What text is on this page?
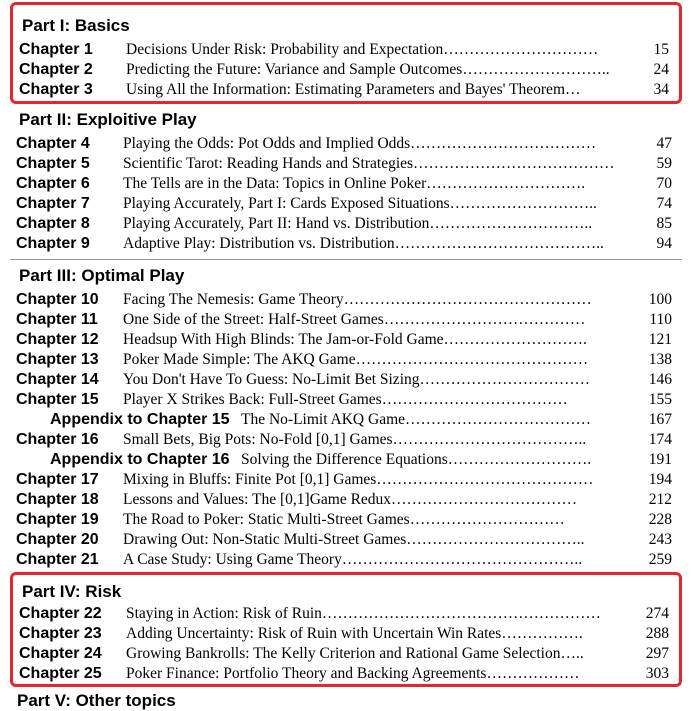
Part I: Basics
Chapter 1 Decisions Under Risk: Probability and Expectation…………………………	15
Chapter 2 Predicting the Future: Variance and Sample Outcomes………………………..	24
Chapter 3 Using All the Information: Estimating Parameters and Bayes' Theorem…	34
Part II: Exploitive Play
Chapter 4 Playing the Odds: Pot Odds and Implied Odds………………………………	47
Chapter 5 Scientific Tarot: Reading Hands and Strategies…………………………………	59
Chapter 6 The Tells are in the Data: Topics in Online Poker………………………….	70
Chapter 7 Playing Accurately, Part I: Cards Exposed Situations………………………..	74
Chapter 8 Playing Accurately, Part II: Hand vs. Distribution…………………………..	85
Chapter 9 Adaptive Play: Distribution vs. Distribution…………………………………..	94
Part III: Optimal Play
Chapter 10 Facing The Nemesis: Game Theory…………………………………………	100
Chapter 11 One Side of the Street: Half-Street Games…………………………………	110
Chapter 12 Headsup With High Blinds: The Jam-or-Fold Game……………………….	121
Chapter 13 Poker Made Simple: The AKQ Game………………………………………	138
Chapter 14 You Don't Have To Guess: No-Limit Bet Sizing……………………………	146
Chapter 15 Player X Strikes Back: Full-Street Games………………………………	155
Appendix to Chapter 15 The No-Limit AKQ Game………………………………	167
Chapter 16 Small Bets, Big Pots: No-Fold [0,1] Games………………………………..	174
Appendix to Chapter 16 Solving the Difference Equations……………………….	191
Chapter 17 Mixing in Bluffs: Finite Pot [0,1] Games……………………………………	194
Chapter 18 Lessons and Values: The [0,1]Game Redux………………………………	212
Chapter 19 The Road to Poker: Static Multi-Street Games…………………………	228
Chapter 20 Drawing Out: Non-Static Multi-Street Games……………………………..	243
Chapter 21 A Case Study: Using Game Theory………………………………………..	259
Part IV: Risk
Chapter 22 Staying in Action: Risk of Ruin………………………………………………	274
Chapter 23 Adding Uncertainty: Risk of Ruin with Uncertain Win Rates…………….	288
Chapter 24 Growing Bankrolls: The Kelly Criterion and Rational Game Selection…..	297
Chapter 25 Poker Finance: Portfolio Theory and Backing Agreements………………	303
Part V: Other topics
